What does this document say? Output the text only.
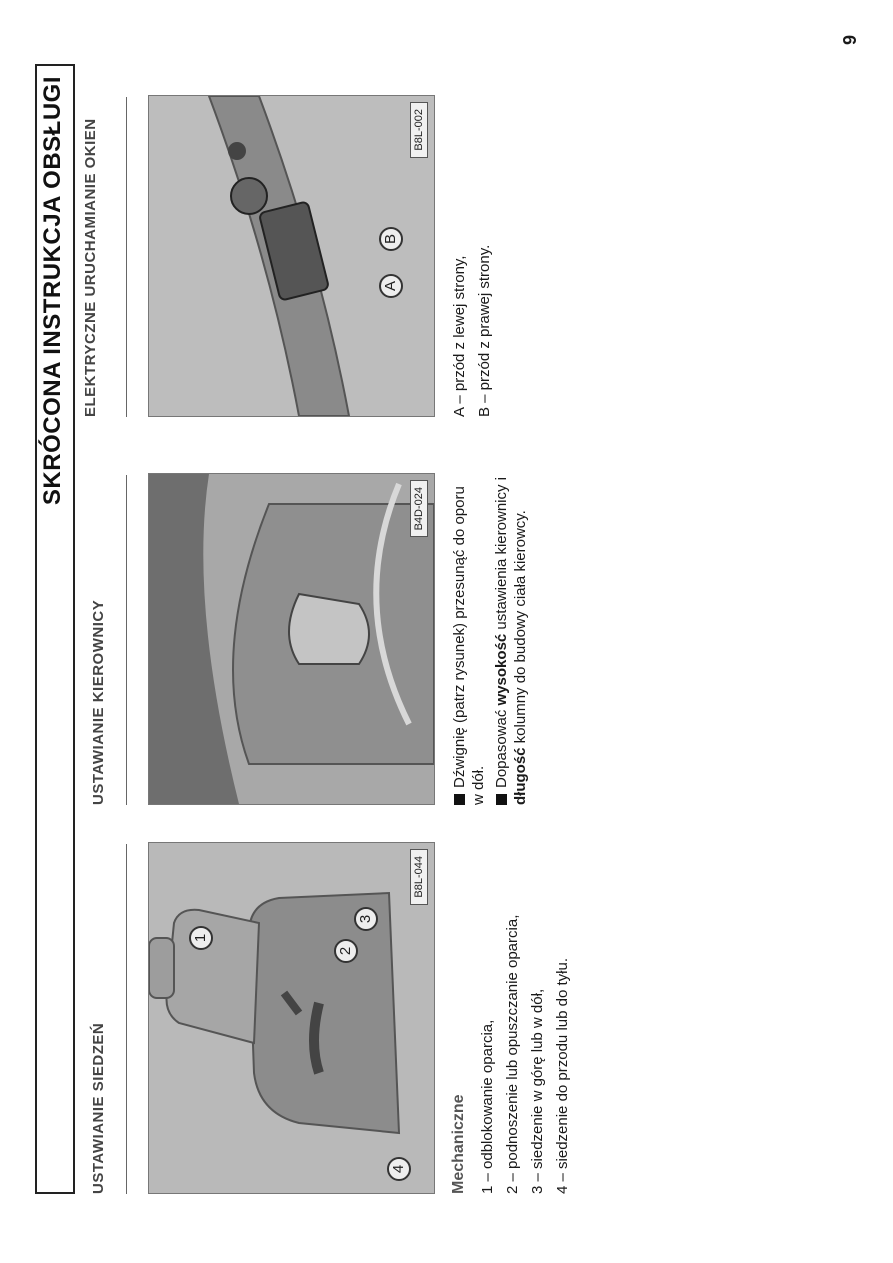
SKRÓCONA INSTRUKCJA OBSŁUGI
USTAWIANIE SIEDZEŃ
1
2
3
4
B8L-044
Mechaniczne 1 – odblokowanie oparcia, 2 – podnoszenie lub opuszczanie oparcia, 3 – siedzenie w górę lub w dół, 4 – siedzenie do przodu lub do tyłu.
USTAWIANIE KIEROWNICY
B4D-024 Dźwignię (patrz rysunek) przesunąć do oporu w dół. Dopasować wysokość ustawienia kierownicy i długość kolumny do budowy ciała kierowcy.
ELEKTRYCZNE URUCHAMIANIE OKIEN	A
B
B8L-002
A – przód z lewej strony, B – przód z prawej strony.
9
